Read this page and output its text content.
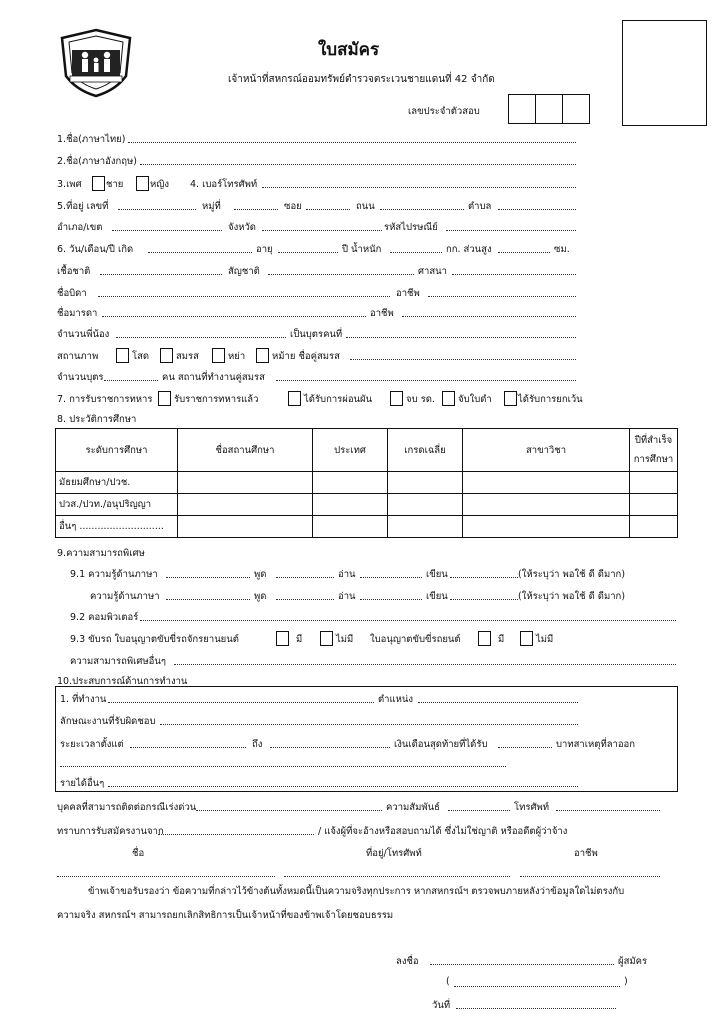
ใบสมัคร
เจ้าหน้าที่สหกรณ์ออมทรัพย์ตำรวจตระเวนชายแดนที่ 42 จำกัด
เลขประจำตัวสอบ
1.ชื่อ(ภาษาไทย)
2.ชื่อ(ภาษาอังกฤษ)
3.เพศ	ชาย	หญิง 4. เบอร์โทรศัพท์
5.ที่อยู่ เลขที่	หมู่ที่	ซอย	ถนน	ตำบล
อำเภอ/เขต	จังหวัด	รหัสไปรษณีย์
6. วัน/เดือน/ปี เกิด	อายุ	ปี น้ำหนัก	กก. ส่วนสูง	ซม.
เชื้อชาติ	สัญชาติ	ศาสนา
ชื่อบิดา	อาชีพ
ชื่อมารดา	อาชีพ
จำนวนพี่น้อง	เป็นบุตรคนที่
สถานภาพ	โสด	สมรส	หย่า	หม้าย ชื่อคู่สมรส
จำนวนบุตร	คน สถานที่ทำงานคู่สมรส
7. การรับราชการทหาร รับราชการทหารแล้ว	ได้รับการผ่อนผัน	จบ รด. จับใบดำ	ได้รับการยกเว้น
8. ประวัติการศึกษา
ระดับการศึกษา	ชื่อสถานศึกษา	ประเทศ	เกรดเฉลี่ย	สาขาวิชา	ปีที่สำเร็จ
การศึกษา
มัธยมศึกษา/ปวช.					
ปวส./ปวท./อนุปริญญา					
อื่นๆ ............................					
9.ความสามารถพิเศษ
9.1 ความรู้ด้านภาษา	พูด	อ่าน	เขียน	(ให้ระบุว่า พอใช้ ดี ดีมาก)
ความรู้ด้านภาษา	พูด	อ่าน	เขียน	(ให้ระบุว่า พอใช้ ดี ดีมาก)
9.2 คอมพิวเตอร์
9.3 ขับรถ ใบอนุญาตขับขี่รถจักรยานยนต์	มี	ไม่มี ใบอนุญาตขับขี่รถยนต์	มี	ไม่มี
ความสามารถพิเศษอื่นๆ
10.ประสบการณ์ด้านการทำงาน
1. ที่ทำงาน	ตำแหน่ง
ลักษณะงานที่รับผิดชอบ
ระยะเวลาตั้งแต่	ถึง	เงินเดือนสุดท้ายที่ได้รับ	บาทสาเหตุที่ลาออก
รายได้อื่นๆ
บุคคลที่สามารถติดต่อกรณีเร่งด่วน	ความสัมพันธ์	โทรศัพท์
ทราบการรับสมัครงานจาก	/ แจ้งผู้ที่จะอ้างหรือสอบถามได้ ซึ่งไม่ใช่ญาติ หรืออดีตผู้ว่าจ้าง
ชื่อ	ที่อยู่/โทรศัพท์	อาชีพ
ข้าพเจ้าขอรับรองว่า ข้อความที่กล่าวไว้ข้างต้นทั้งหมดนี้เป็นความจริงทุกประการ หากสหกรณ์ฯ ตรวจพบภายหลังว่าข้อมูลใดไม่ตรงกับ
ความจริง สหกรณ์ฯ สามารถยกเลิกสิทธิการเป็นเจ้าหน้าที่ของข้าพเจ้าโดยชอบธรรม
ลงชื่อ	ผู้สมัคร
(	)
วันที่
